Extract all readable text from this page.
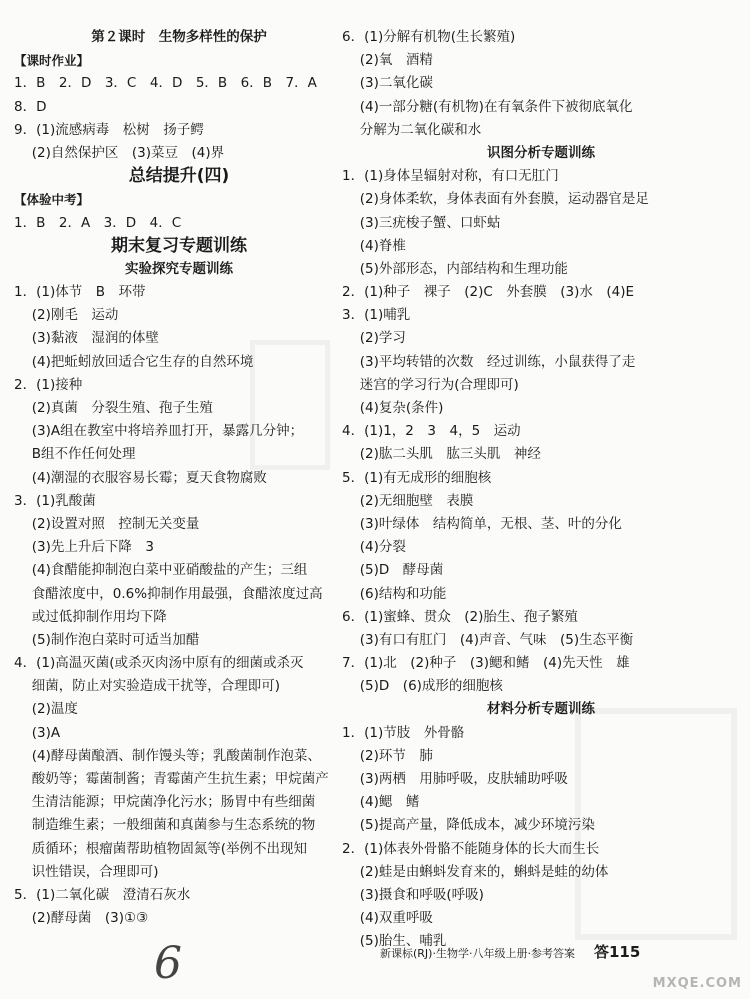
第２课时　生物多样性的保护
【课时作业】
1．B　2．D　3．C　4．D　5．B　6．B　7．A
8．D
9．(1)流感病毒　松树　扬子鳄
　 (2)自然保护区　(3)菜豆　(4)界
总结提升(四)
【体验中考】
1．B　2．A　3．D　4．C
期末复习专题训练
实验探究专题训练
1．(1)体节　B　环带
　 (2)刚毛　运动
　 (3)黏液　湿润的体壁
　 (4)把蚯蚓放回适合它生存的自然环境
2．(1)接种
　 (2)真菌　分裂生殖、孢子生殖
　 (3)A组在教室中将培养皿打开，暴露几分钟；
　 B组不作任何处理
　 (4)潮湿的衣服容易长霉；夏天食物腐败
3．(1)乳酸菌
　 (2)设置对照　控制无关变量
　 (3)先上升后下降　3
　 (4)食醋能抑制泡白菜中亚硝酸盐的产生；三组
　 食醋浓度中，0.6%抑制作用最强，食醋浓度过高
　 或过低抑制作用均下降
　 (5)制作泡白菜时可适当加醋
4．(1)高温灭菌(或杀灭肉汤中原有的细菌或杀灭
　 细菌，防止对实验造成干扰等，合理即可)
　 (2)温度
　 (3)A
　 (4)酵母菌酿酒、制作馒头等；乳酸菌制作泡菜、
　 酸奶等；霉菌制酱；青霉菌产生抗生素；甲烷菌产
　 生清洁能源；甲烷菌净化污水；肠胃中有些细菌
　 制造维生素；一般细菌和真菌参与生态系统的物
　 质循环；根瘤菌帮助植物固氮等(举例不出现知
　 识性错误，合理即可)
5．(1)二氧化碳　澄清石灰水
　 (2)酵母菌　(3)①③
6．(1)分解有机物(生长繁殖)
　 (2)氧　酒精
　 (3)二氧化碳
　 (4)一部分糖(有机物)在有氧条件下被彻底氧化
　 分解为二氧化碳和水
识图分析专题训练
1．(1)身体呈辐射对称，有口无肛门
　 (2)身体柔软，身体表面有外套膜，运动器官是足
　 (3)三疣梭子蟹、口虾蛄
　 (4)脊椎
　 (5)外部形态，内部结构和生理功能
2．(1)种子　裸子　(2)C　外套膜　(3)水　(4)E
3．(1)哺乳
　 (2)学习
　 (3)平均转错的次数　经过训练，小鼠获得了走
　 迷宫的学习行为(合理即可)
　 (4)复杂(条件)
4．(1)1，2　3　4，5　运动
　 (2)肱二头肌　肱三头肌　神经
5．(1)有无成形的细胞核
　 (2)无细胞壁　表膜
　 (3)叶绿体　结构简单，无根、茎、叶的分化
　 (4)分裂
　 (5)D　酵母菌
　 (6)结构和功能
6．(1)蜜蜂、贯众　(2)胎生、孢子繁殖
　 (3)有口有肛门　(4)声音、气味　(5)生态平衡
7．(1)北　(2)种子　(3)鳃和鳍　(4)先天性　雄
　 (5)D　(6)成形的细胞核
材料分析专题训练
1．(1)节肢　外骨骼
　 (2)环节　肺
　 (3)两栖　用肺呼吸，皮肤辅助呼吸
　 (4)鳃　鳍
　 (5)提高产量，降低成本，减少环境污染
2．(1)体表外骨骼不能随身体的长大而生长
　 (2)蛙是由蝌蚪发育来的，蝌蚪是蛙的幼体
　 (3)摄食和呼吸(呼吸)
　 (4)双重呼吸
　 (5)胎生、哺乳
6	新课标(RJ)·生物学·八年级上册·参考答案 答115
MXQE.COM
